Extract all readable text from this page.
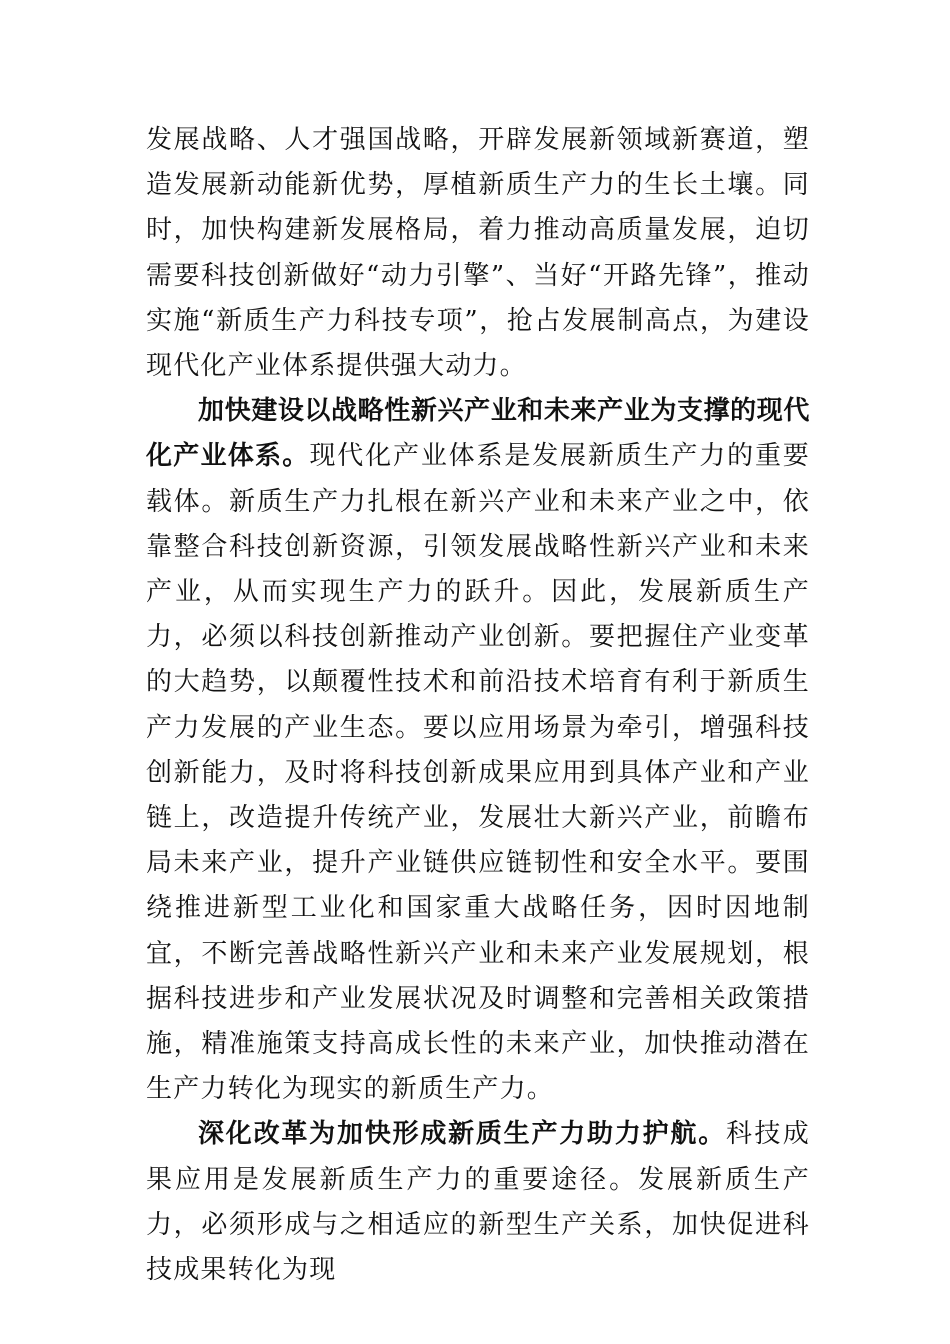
发展战略、人才强国战略，开辟发展新领域新赛道，塑造发展新动能新优势，厚植新质生产力的生长土壤。同时，加快构建新发展格局，着力推动高质量发展，迫切需要科技创新做好“动力引擎”、当好“开路先锋”，推动实施“新质生产力科技专项”，抢占发展制高点，为建设现代化产业体系提供强大动力。

加快建设以战略性新兴产业和未来产业为支撑的现代化产业体系。现代化产业体系是发展新质生产力的重要载体。新质生产力扎根在新兴产业和未来产业之中，依靠整合科技创新资源，引领发展战略性新兴产业和未来产业，从而实现生产力的跃升。因此，发展新质生产力，必须以科技创新推动产业创新。要把握住产业变革的大趋势，以颠覆性技术和前沿技术培育有利于新质生产力发展的产业生态。要以应用场景为牵引，增强科技创新能力，及时将科技创新成果应用到具体产业和产业链上，改造提升传统产业，发展壮大新兴产业，前瞻布局未来产业，提升产业链供应链韧性和安全水平。要围绕推进新型工业化和国家重大战略任务，因时因地制宜，不断完善战略性新兴产业和未来产业发展规划，根据科技进步和产业发展状况及时调整和完善相关政策措施，精准施策支持高成长性的未来产业，加快推动潜在生产力转化为现实的新质生产力。

深化改革为加快形成新质生产力助力护航。科技成果应用是发展新质生产力的重要途径。发展新质生产力，必须形成与之相适应的新型生产关系，加快促进科技成果转化为现
